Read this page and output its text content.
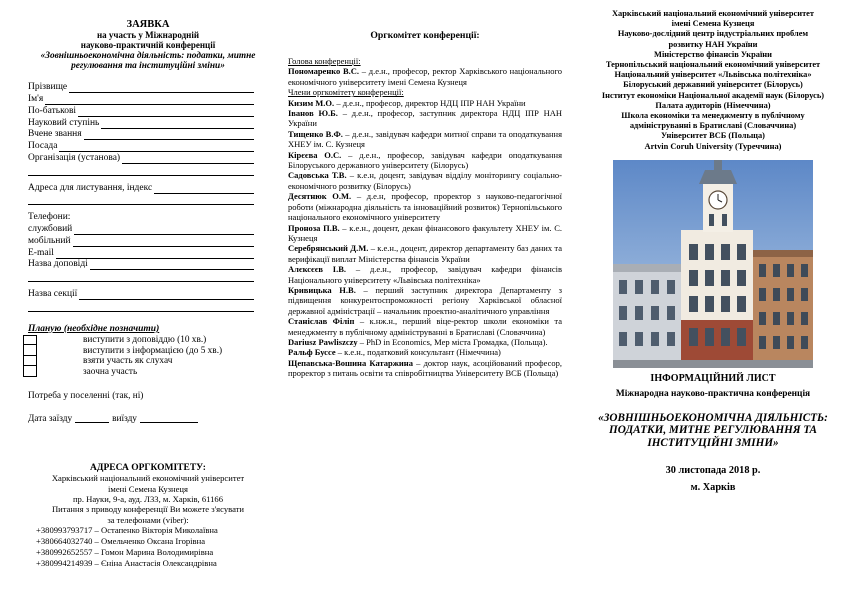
ЗАЯВКА
на участь у Міжнародній
науково-практичній конференції
«Зовнішньоекономічна діяльність: податки, митне
регулювання та інституційні зміни»
Прізвище
Ім'я
По-батькові
Науковий ступінь
Вчене звання
Посада
Організація (установа)
Адреса для листування, індекс
Телефони:
службовий
мобільний
E-mail
Назва доповіді
Назва секції
Планую (необхідне позначити)
виступити з доповіддю (10 хв.)
виступити з інформацією (до 5 хв.)
взяти участь як слухач
заочна участь
Потреба у поселенні (так, ні)
Дата заїзду	виїзду
АДРЕСА ОРГКОМІТЕТУ:
Харківський національний економічний університет
імені Семена Кузнеця
пр. Науки, 9-а, ауд. Л33, м. Харків, 61166
Питання з приводу конференції Ви можете з'ясувати
за телефонами (viber):
+380993793717 – Остапенко Вікторія Миколаївна
+380664032740 – Омельченко Оксана Ігорівна
+380992652557 – Гомон Марина Володимирівна
+380994214939 – Єніна Анастасія Олександрівна
Оргкомітет конференції:
Голова конференції:
Пономаренко В.С. – д.е.н., професор, ректор Харківського національного економічного університету імені Семена Кузнеця
Члени оргкомітету конференції:
Кизим М.О. – д.е.н., професор, директор НДЦ ІПР НАН України
Іванов Ю.Б. – д.е.н., професор, заступник директора НДЦ ІПР НАН України
Тищенко В.Ф. – д.е.н., завідувач кафедри митної справи та оподаткування ХНЕУ ім. С. Кузнеця
Кірєєва О.С. – д.е.н., професор, завідувач кафедри оподаткування Білоруського державного університету (Білорусь)
Садовська Т.В. – к.е.н, доцент, завідувач відділу моніторингу соціально-економічного розвитку (Білорусь)
Десятнюк О.М. – д.е.н, професор, проректор з науково-педагогічної роботи (міжнародна діяльність та інноваційний розвиток) Тернопільського національного економічного університету
Проноза П.В. – к.е.н., доцент, декан фінансового факультету ХНЕУ ім. С. Кузнеця
Серебрянський Д.М. – к.е.н., доцент, директор департаменту баз даних та верифікації виплат Міністерства фінансів України
Алєксєєв І.В. – д.е.н., професор, завідувач кафедри фінансів Національного університету «Львівська політехніка»
Кривицька Н.В. – перший заступник директора Департаменту з підвищення конкурентоспроможності регіону Харківської обласної державної адміністрації – начальник проектно-аналітичного управління
Станіслав Філіп – к.нж.н., перший віце-ректор школи економіки та менеджменту в публічному адмініструванні в Братиславі (Словаччина)
Dariusz Pawliszczy – PhD in Economics, Мер міста Громадка, (Польща).
Ральф Буссе – к.е.н., податковий консультант (Німеччина)
Щепавська-Вошина Катаржина – доктор наук, асоційований професор, проректор з питань освіти та співробітництва Університету ВСБ (Польща)
Харківський національний економічний університет
імені Семена Кузнеця
Науково-дослідний центр індустріальних проблем
розвитку НАН України
Міністерство фінансів України
Тернопільський національний економічний університет
Національний університет «Львівська політехніка»
Білоруський державний університет (Білорусь)
Інститут економіки Національної академії наук (Білорусь)
Палата аудиторів (Німеччина)
Школа економіки та менеджменту в публічному
адмініструванні в Братиславі (Словаччина)
Університет ВСБ (Польща)
Artvin Coruh University (Туреччина)
ІНФОРМАЦІЙНИЙ ЛИСТ
Міжнародна науково-практична конференція
«ЗОВНІШНЬОЕКОНОМІЧНА ДІЯЛЬНІСТЬ: ПОДАТКИ, МИТНЕ РЕГУЛЮВАННЯ ТА ІНСТИТУЦІЙНІ ЗМІНИ»
30 листопада 2018 р.
м. Харків
